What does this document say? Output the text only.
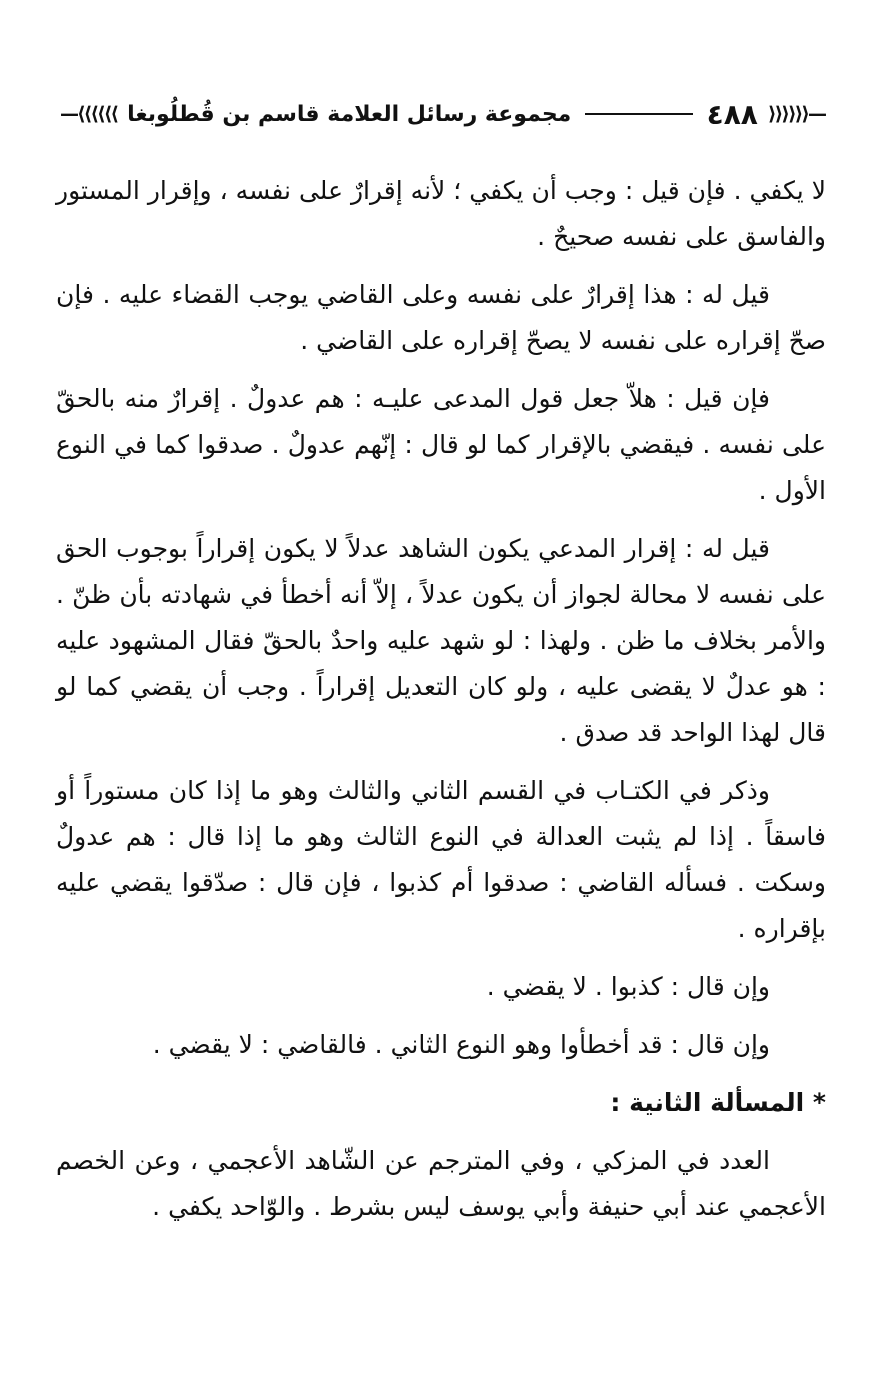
⟩⟩⟩⟩⟩⟩—
٤٨٨
مجموعة رسائل العلامة قاسم بن قُطلُوبغا
—⟨⟨⟨⟨⟨⟨

لا يكفي . فإن قيل : وجب أن يكفي ؛ لأنه إقرارٌ على نفسه ، وإقرار المستور والفاسق على نفسه صحيحٌ .

قيل له : هذا إقرارٌ على نفسه وعلى القاضي يوجب القضاء عليه . فإن صحّ إقراره على نفسه لا يصحّ إقراره على القاضي .

فإن قيل : هلاّ جعل قول المدعى عليـه : هم عدولٌ . إقرارٌ منه بالحقّ على نفسه . فيقضي بالإقرار كما لو قال : إنّهم عدولٌ . صدقوا كما في النوع الأول .

قيل له : إقرار المدعي يكون الشاهد عدلاً لا يكون إقراراً بوجوب الحق على نفسه لا محالة لجواز أن يكون عدلاً ، إلاّ أنه أخطأ في شهادته بأن ظنّ . والأمر بخلاف ما ظن . ولهذا : لو شهد عليه واحدٌ بالحقّ فقال المشهود عليه : هو عدلٌ لا يقضى عليه ، ولو كان التعديل إقراراً . وجب أن يقضي كما لو قال لهذا الواحد قد صدق .

وذكر في الكتـاب في القسم الثاني والثالث وهو ما إذا كان مستوراً أو فاسقاً . إذا لم يثبت العدالة في النوع الثالث وهو ما إذا قال : هم عدولٌ وسكت . فسأله القاضي : صدقوا أم كذبوا ، فإن قال : صدّقوا يقضي عليه بإقراره .

وإن قال : كذبوا . لا يقضي .

وإن قال : قد أخطأوا وهو النوع الثاني . فالقاضي : لا يقضي .

* المسألة الثانية :

العدد في المزكي ، وفي المترجم عن الشّاهد الأعجمي ، وعن الخصم الأعجمي عند أبي حنيفة وأبي يوسف ليس بشرط . والوّاحد يكفي .
